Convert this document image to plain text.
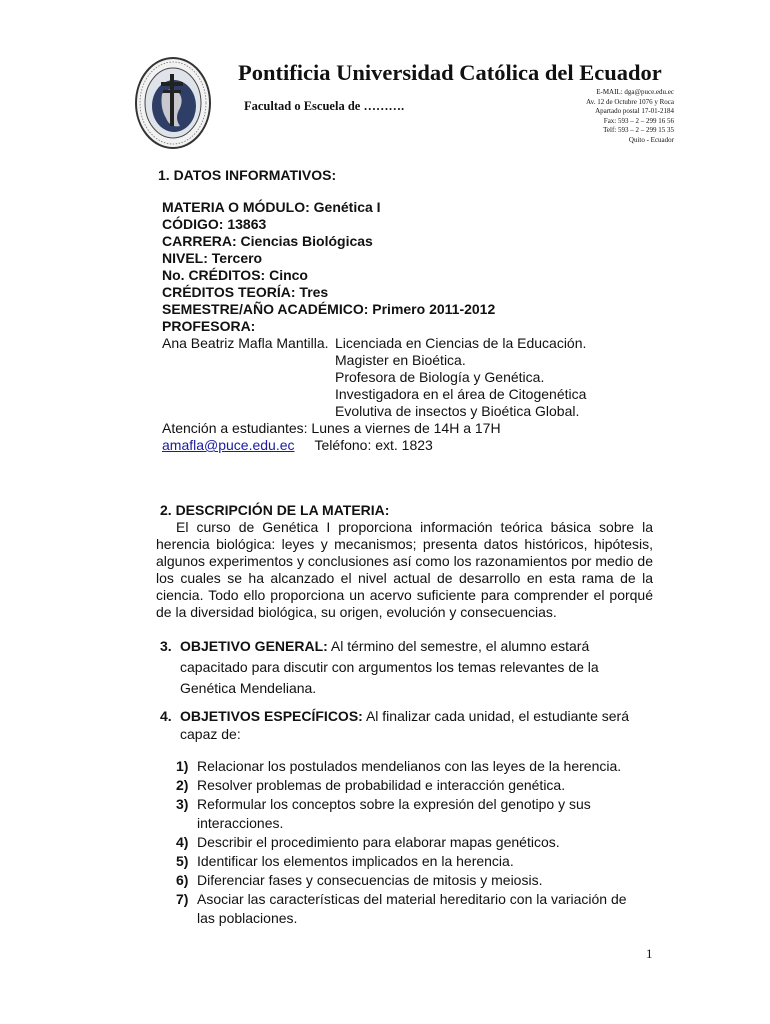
Pontificia Universidad Católica del Ecuador
Facultad o Escuela de ……….
E-MAIL: dga@puce.edu.ec
Av. 12 de Octubre 1076 y Roca
Apartado postal 17-01-2184
Fax: 593 – 2 – 299 16 56
Telf: 593 – 2 – 299 15 35
Quito - Ecuador
1. DATOS INFORMATIVOS:
MATERIA O MÓDULO: Genética I
CÓDIGO: 13863
CARRERA: Ciencias Biológicas
NIVEL: Tercero
No. CRÉDITOS: Cinco
CRÉDITOS TEORÍA: Tres
SEMESTRE/AÑO ACADÉMICO: Primero 2011-2012
PROFESORA:
Ana Beatriz Mafla Mantilla. Licenciada en Ciencias de la Educación.
Magister en Bioética.
Profesora de Biología y Genética.
Investigadora en el área de Citogenética
Evolutiva de insectos y Bioética Global.
Atención a estudiantes: Lunes a viernes de 14H a 17H
amafla@puce.edu.ec Teléfono: ext. 1823
2. DESCRIPCIÓN DE LA MATERIA:

El curso de Genética I proporciona información teórica básica sobre la herencia biológica: leyes y mecanismos; presenta datos históricos, hipótesis, algunos experimentos y conclusiones así como los razonamientos por medio de los cuales se ha alcanzado el nivel actual de desarrollo en esta rama de la ciencia. Todo ello proporciona un acervo suficiente para comprender el porqué de la diversidad biológica, su origen, evolución y consecuencias.

3. OBJETIVO GENERAL: Al término del semestre, el alumno estará capacitado para discutir con argumentos los temas relevantes de la Genética Mendeliana.
4. OBJETIVOS ESPECÍFICOS: Al finalizar cada unidad, el estudiante será capaz de:
1) Relacionar los postulados mendelianos con las leyes de la herencia.
2) Resolver problemas de probabilidad e interacción genética.
3) Reformular los conceptos sobre la expresión del genotipo y sus interacciones.
4) Describir el procedimiento para elaborar mapas genéticos.
5) Identificar los elementos implicados en la herencia.
6) Diferenciar fases y consecuencias de mitosis y meiosis.
7) Asociar las características del material hereditario con la variación de las poblaciones.
1
